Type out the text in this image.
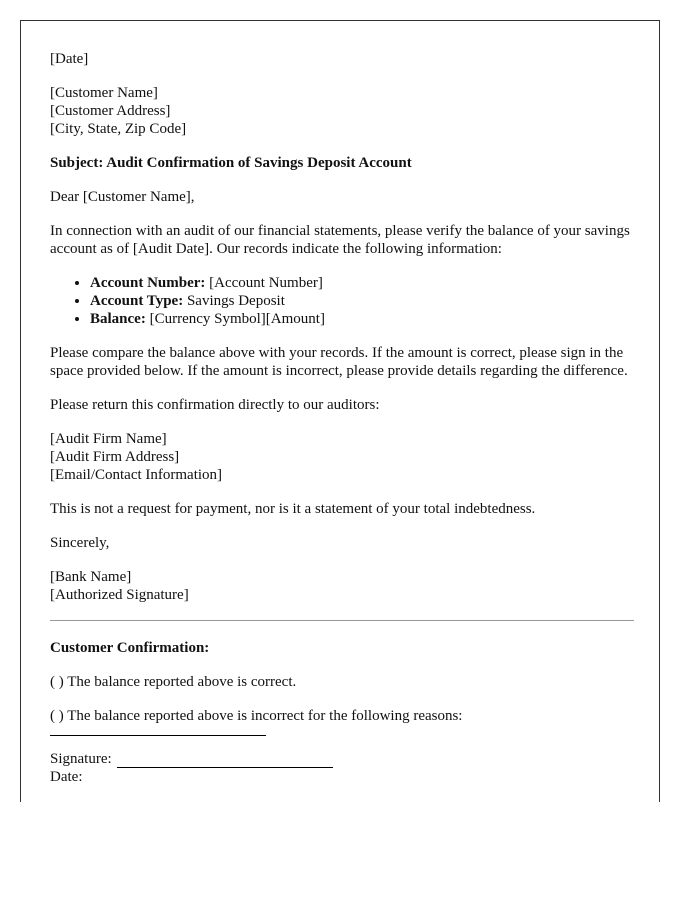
[Date]

[Customer Name]
[Customer Address]
[City, State, Zip Code]

Subject: Audit Confirmation of Savings Deposit Account

Dear [Customer Name],

In connection with an audit of our financial statements, please verify the balance of your savings account as of [Audit Date]. Our records indicate the following information:

• Account Number: [Account Number]
• Account Type: Savings Deposit
• Balance: [Currency Symbol][Amount]

Please compare the balance above with your records. If the amount is correct, please sign in the space provided below. If the amount is incorrect, please provide details regarding the difference.

Please return this confirmation directly to our auditors:

[Audit Firm Name]
[Audit Firm Address]
[Email/Contact Information]

This is not a request for payment, nor is it a statement of your total indebtedness.

Sincerely,

[Bank Name]
[Authorized Signature]

Customer Confirmation:

( ) The balance reported above is correct.

( ) The balance reported above is incorrect for the following reasons:

Signature:
Date:
